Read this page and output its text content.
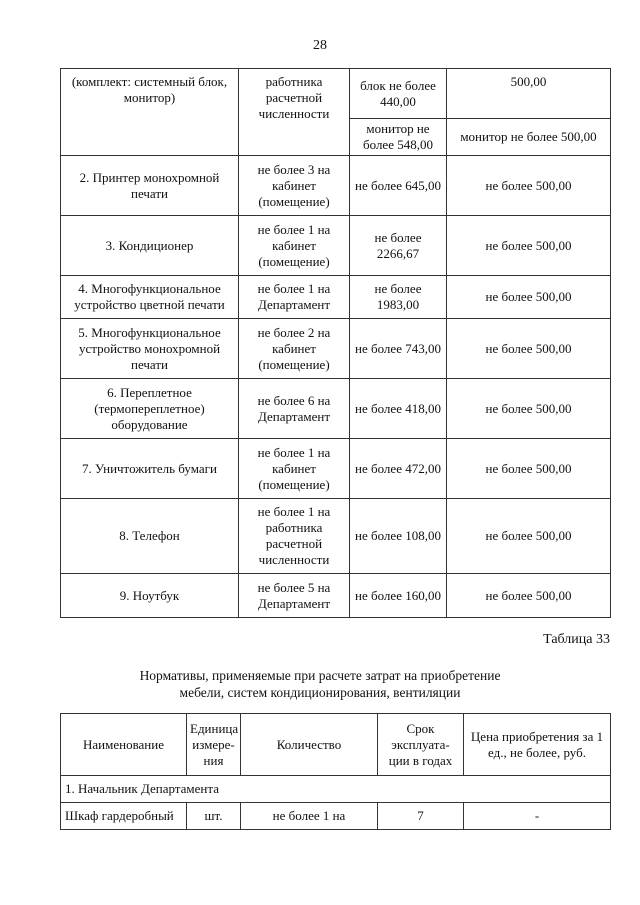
28
(комплект: системный блок, монитор)	работника расчетной численности	блок не более 440,00	500,00
		монитор не более 548,00	монитор не более 500,00
2. Принтер монохромной печати	не более 3 на кабинет (помещение)	не более 645,00	не более 500,00
3. Кондиционер	не более 1 на кабинет (помещение)	не более 2266,67	не более 500,00
4. Многофункциональное устройство цветной печати	не более 1 на Департамент	не более 1983,00	не более 500,00
5. Многофункциональное устройство монохромной печати	не более 2 на кабинет (помещение)	не более 743,00	не более 500,00
6. Переплетное (термопереплетное) оборудование	не более 6 на Департамент	не более 418,00	не более 500,00
7. Уничтожитель бумаги	не более 1 на кабинет (помещение)	не более 472,00	не более 500,00
8. Телефон	не более 1 на работника расчетной численности	не более 108,00	не более 500,00
9. Ноутбук	не более 5 на Департамент	не более 160,00	не более 500,00
Таблица 33
Нормативы, применяемые при расчете затрат на приобретение
мебели, систем кондиционирования, вентиляции
Наименование	Единица измере-ния	Количество	Срок эксплуата-ции в годах	Цена приобретения за 1 ед., не более, руб.
1. Начальник Департамента				
Шкаф гардеробный	шт.	не более 1 на	7	-
